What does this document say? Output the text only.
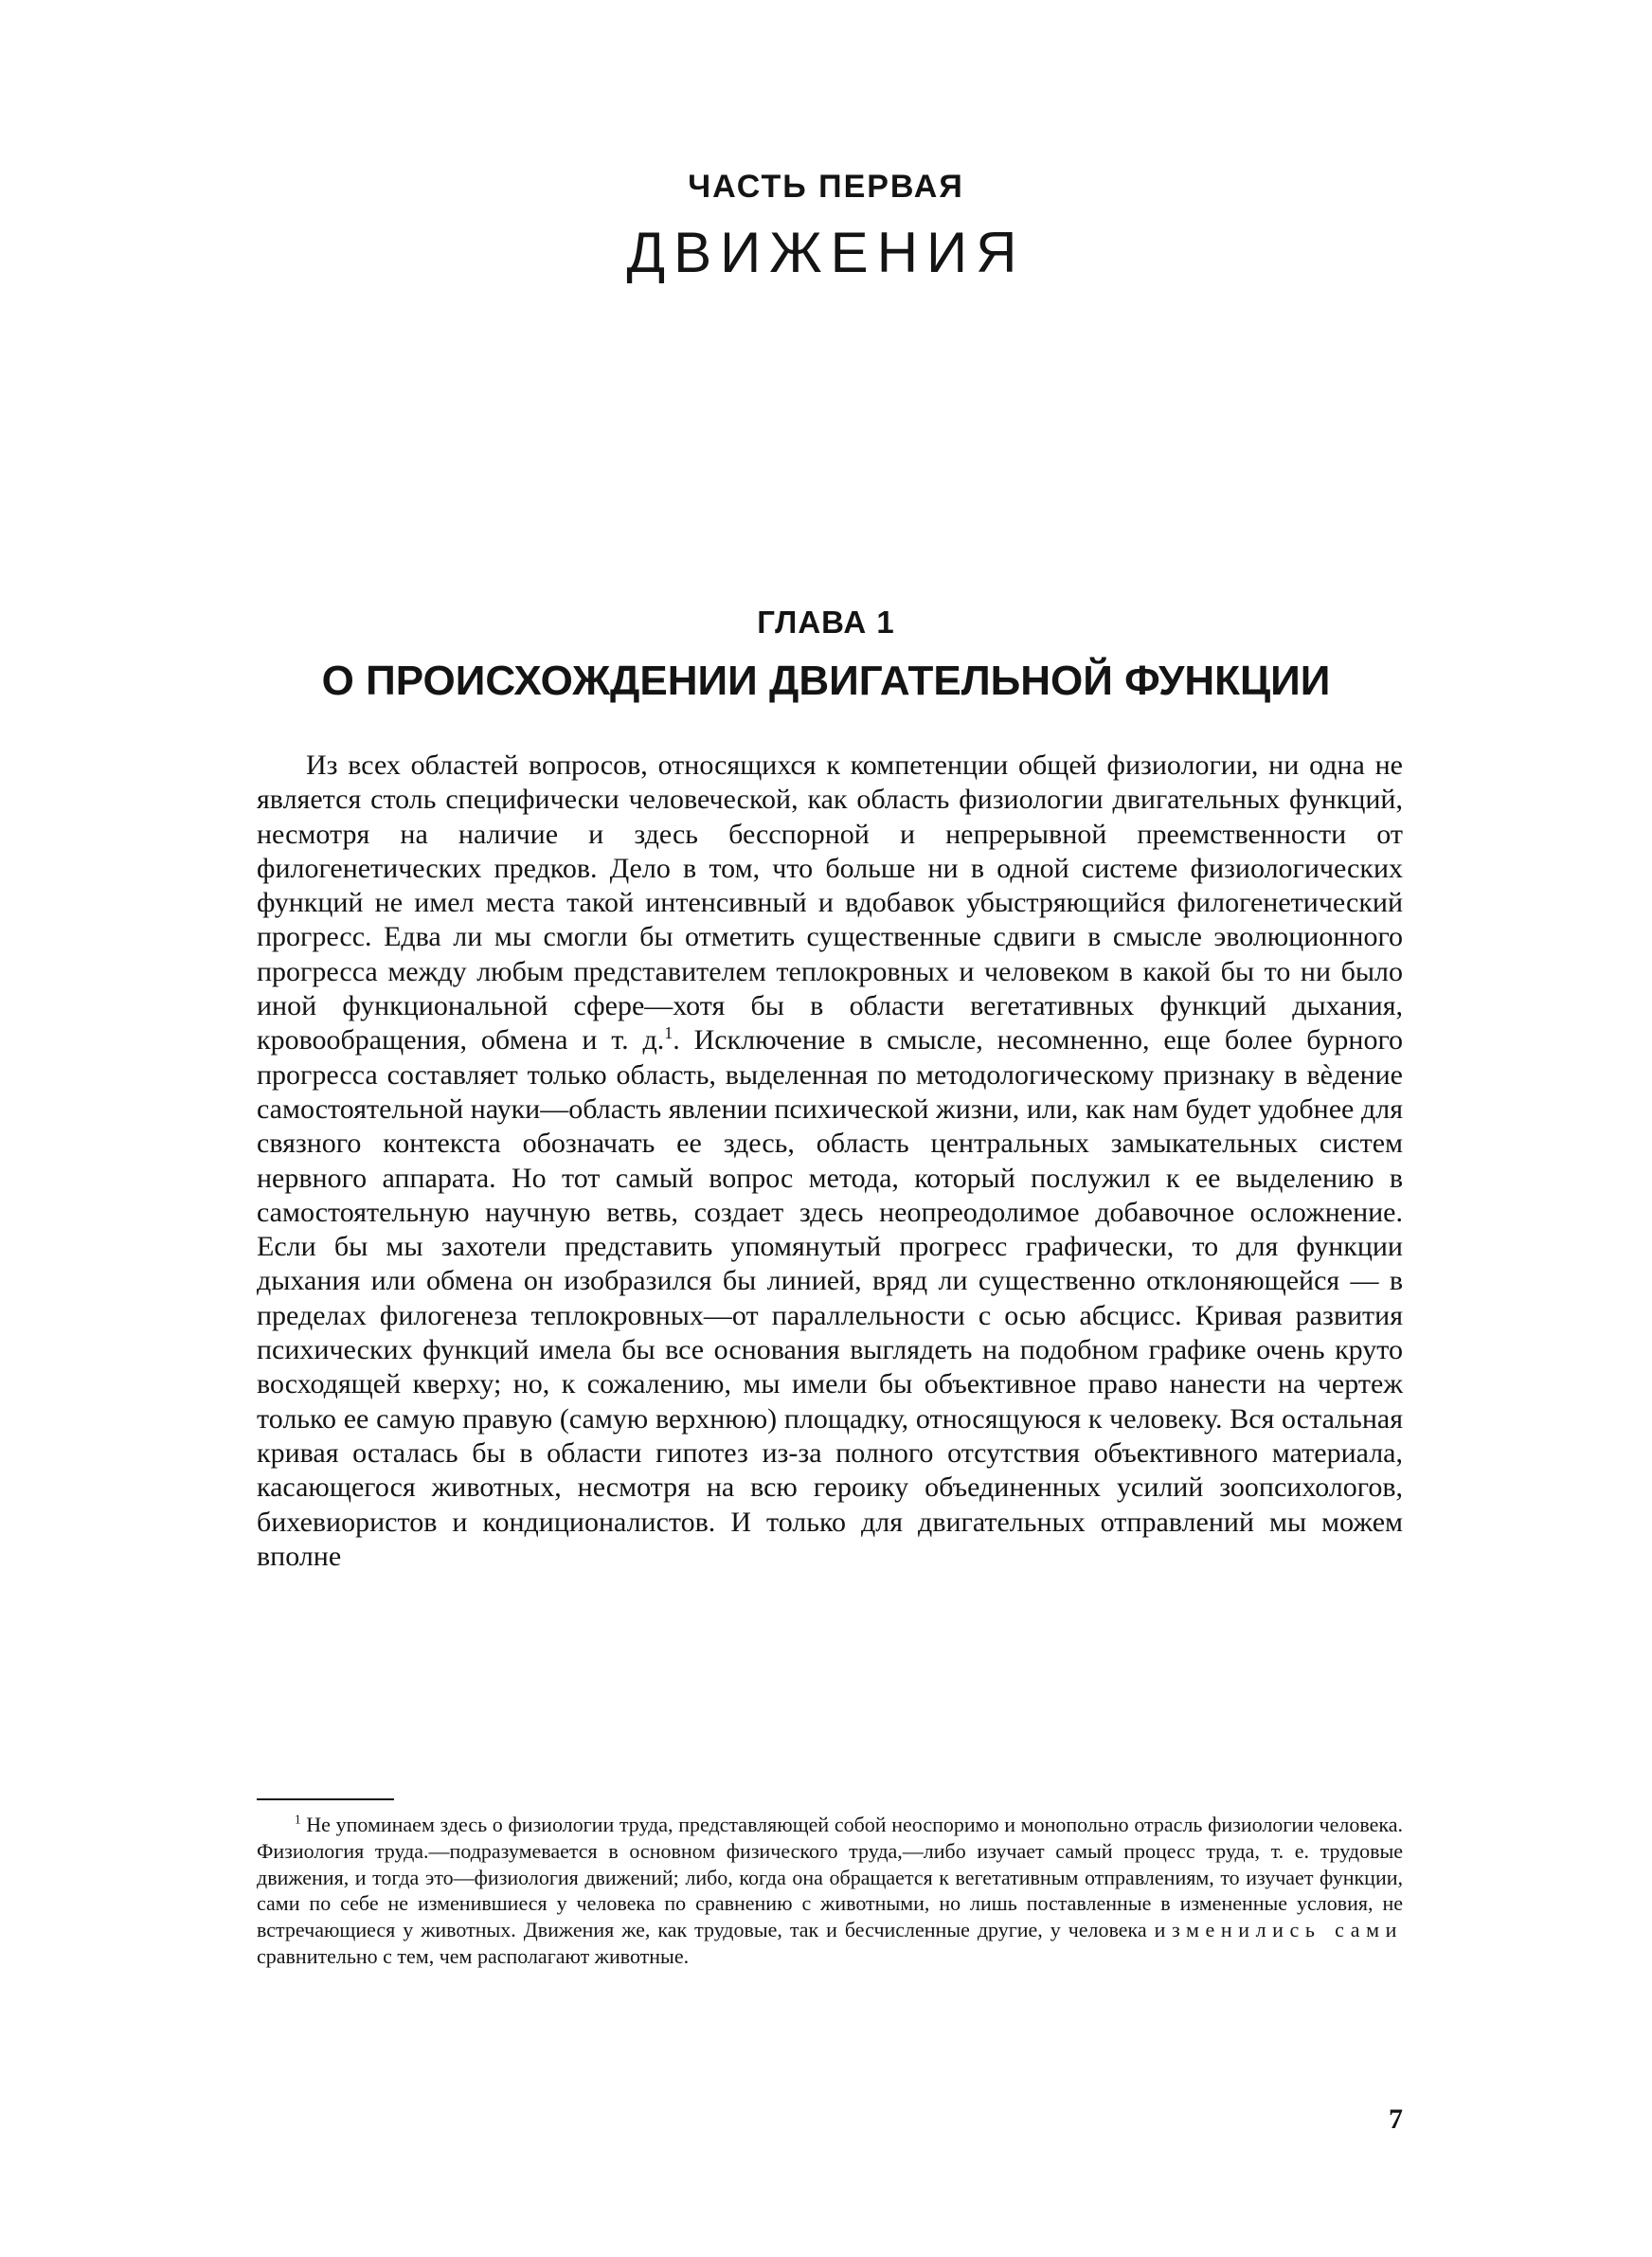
ЧАСТЬ ПЕРВАЯ
ДВИЖЕНИЯ
ГЛАВА 1
О ПРОИСХОЖДЕНИИ ДВИГАТЕЛЬНОЙ ФУНКЦИИ

Из всех областей вопросов, относящихся к компетенции общей физиологии, ни одна не является столь специфически человеческой, как область физиологии двигательных функций, несмотря на наличие и здесь бесспорной и непрерывной преемственности от филогенетических предков. Дело в том, что больше ни в одной системе физиологических функций не имел места такой интенсивный и вдобавок убыстряющийся филогенетический прогресс. Едва ли мы смогли бы отметить существенные сдвиги в смысле эволюционного прогресса между любым представителем теплокровных и человеком в какой бы то ни было иной функциональной сфере—хотя бы в области вегетативных функций дыхания, кровообращения, обмена и т. д.$^1$. Исключение в смысле, несомненно, еще более бурного прогресса составляет только область, выделенная по методологическому признаку в вѐдение самостоятельной науки—область явлении психической жизни, или, как нам будет удобнее для связного контекста обозначать ее здесь, область центральных замыкательных систем нервного аппарата. Но тот самый вопрос метода, который послужил к ее выделению в самостоятельную научную ветвь, создает здесь неопреодолимое добавочное осложнение. Если бы мы захотели представить упомянутый прогресс графически, то для функции дыхания или обмена он изобразился бы линией, вряд ли существенно отклоняющейся — в пределах филогенеза теплокровных—от параллельности с осью абсцисс. Кривая развития психических функций имела бы все основания выглядеть на подобном графике очень круто восходящей кверху; но, к сожалению, мы имели бы объективное право нанести на чертеж только ее самую правую (самую верхнюю) площадку, относящуюся к человеку. Вся остальная кривая осталась бы в области гипотез из-за полного отсутствия объективного материала, касающегося животных, несмотря на всю героику объединенных усилий зоопсихологов, бихевиористов и кондиционалистов. И только для двигательных отправлений мы можем вполне

$^1$ Не упоминаем здесь о физиологии труда, представляющей собой неоспоримо и монопольно отрасль физиологии человека. Физиология труда.—подразумевается в основном физического труда,—либо изучает самый процесс труда, т. е. трудовые движения, и тогда это—физиология движений; либо, когда она обращается к вегетативным отправлениям, то изучает функции, сами по себе не изменившиеся у человека по сравнению с животными, но лишь поставленные в измененные условия, не встречающиеся у животных. Движения же, как трудовые, так и бесчисленные другие, у человека изменились сами сравнительно с тем, чем располагают животные.

7
